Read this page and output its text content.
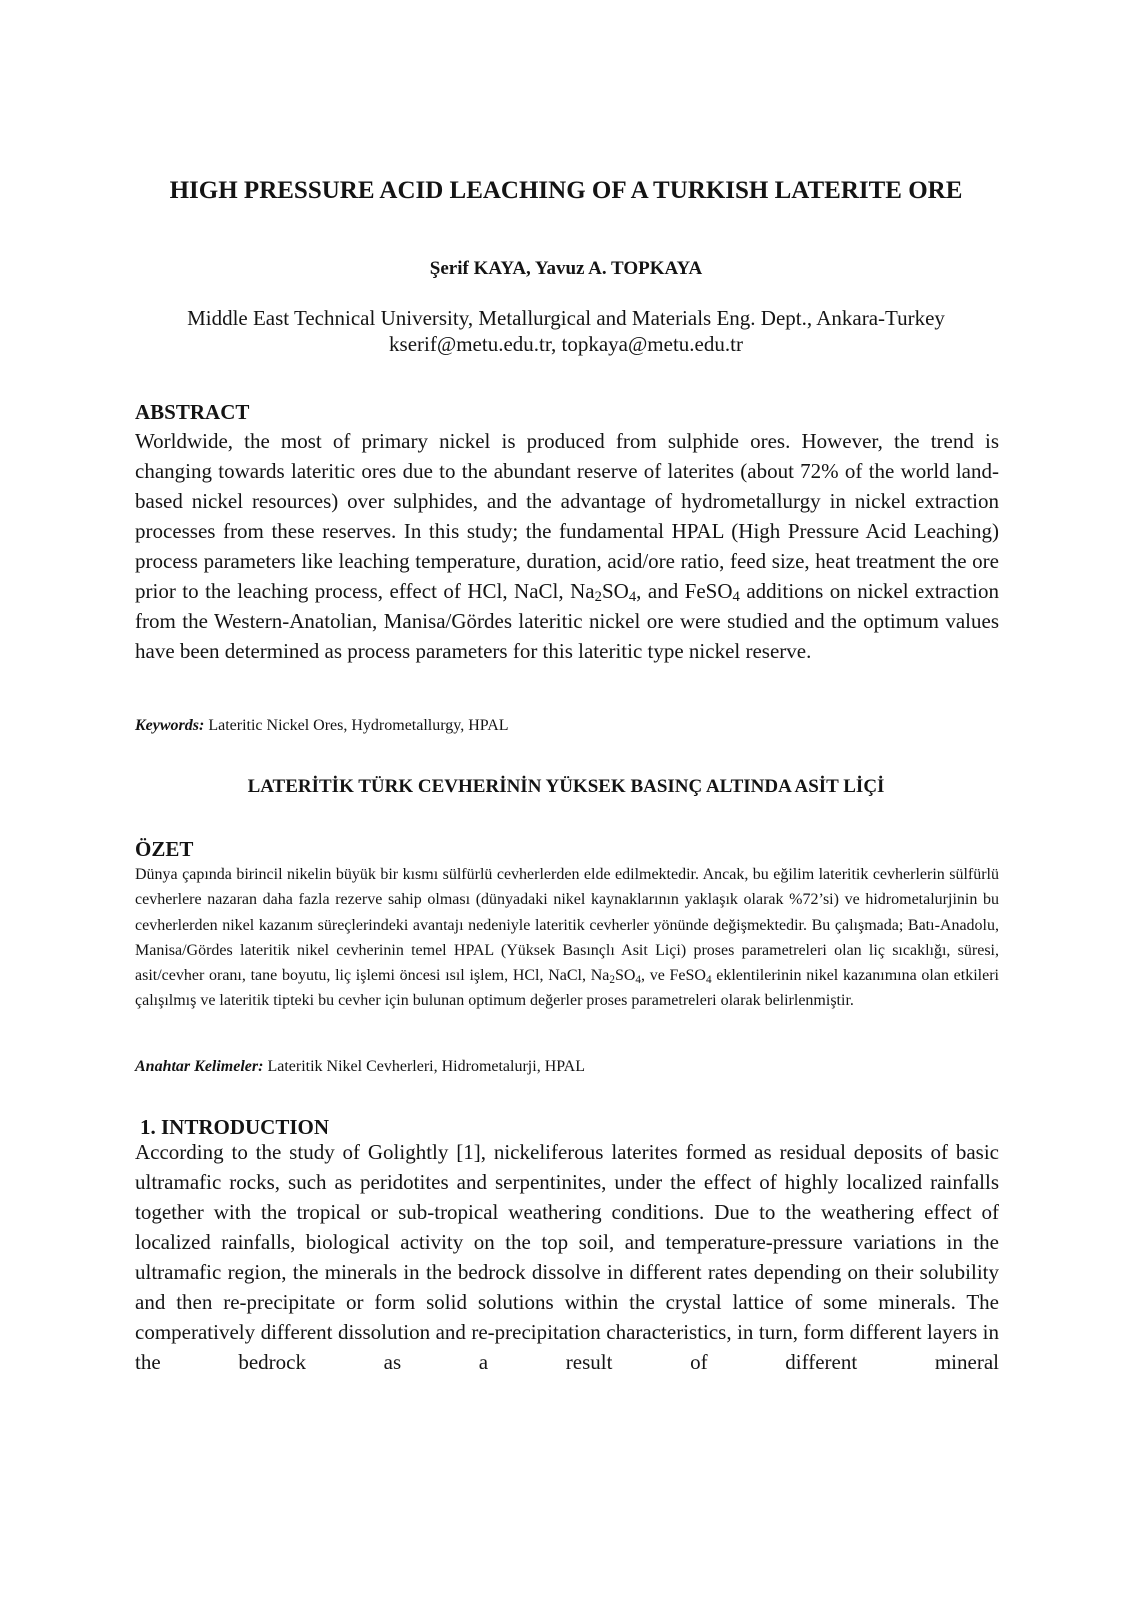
HIGH PRESSURE ACID LEACHING OF A TURKISH LATERITE ORE
Şerif KAYA, Yavuz A. TOPKAYA
Middle East Technical University, Metallurgical and Materials Eng. Dept., Ankara-Turkey
kserif@metu.edu.tr, topkaya@metu.edu.tr
ABSTRACT
Worldwide, the most of primary nickel is produced from sulphide ores. However, the trend is changing towards lateritic ores due to the abundant reserve of laterites (about 72% of the world land-based nickel resources) over sulphides, and the advantage of hydrometallurgy in nickel extraction processes from these reserves. In this study; the fundamental HPAL (High Pressure Acid Leaching) process parameters like leaching temperature, duration, acid/ore ratio, feed size, heat treatment the ore prior to the leaching process, effect of HCl, NaCl, $Na_2SO_4$, and FeSO$_4$ additions on nickel extraction from the Western-Anatolian, Manisa/Gördes lateritic nickel ore were studied and the optimum values have been determined as process parameters for this lateritic type nickel reserve.
Keywords: Lateritic Nickel Ores, Hydrometallurgy, HPAL
LATERİTİK TÜRK CEVHERİNİN YÜKSEK BASINÇ ALTINDA ASİT LİÇİ
ÖZET
Dünya çapında birincil nikelin büyük bir kısmı sülfürlü cevherlerden elde edilmektedir. Ancak, bu eğilim lateritik cevherlerin sülfürlü cevherlere nazaran daha fazla rezerve sahip olması (dünyadaki nikel kaynaklarının yaklaşık olarak %72’si) ve hidrometalurjinin bu cevherlerden nikel kazanım süreçlerindeki avantajı nedeniyle lateritik cevherler yönünde değişmektedir. Bu çalışmada; Batı-Anadolu, Manisa/Gördes lateritik nikel cevherinin temel HPAL (Yüksek Basınçlı Asit Liçi) proses parametreleri olan liç sıcaklığı, süresi, asit/cevher oranı, tane boyutu, liç işlemi öncesi ısıl işlem, HCl, NaCl, $Na_2SO_4$, ve FeSO$_4$ eklentilerinin nikel kazanımına olan etkileri çalışılmış ve lateritik tipteki bu cevher için bulunan optimum değerler proses parametreleri olarak belirlenmiştir.
Anahtar Kelimeler: Lateritik Nikel Cevherleri, Hidrometalurji, HPAL
1. INTRODUCTION
According to the study of Golightly [1], nickeliferous laterites formed as residual deposits of basic ultramafic rocks, such as peridotites and serpentinites, under the effect of highly localized rainfalls together with the tropical or sub-tropical weathering conditions. Due to the weathering effect of localized rainfalls, biological activity on the top soil, and temperature-pressure variations in the ultramafic region, the minerals in the bedrock dissolve in different rates depending on their solubility and then re-precipitate or form solid solutions within the crystal lattice of some minerals. The comperatively different dissolution and re-precipitation characteristics, in turn, form different layers in the bedrock as a result of different mineral
